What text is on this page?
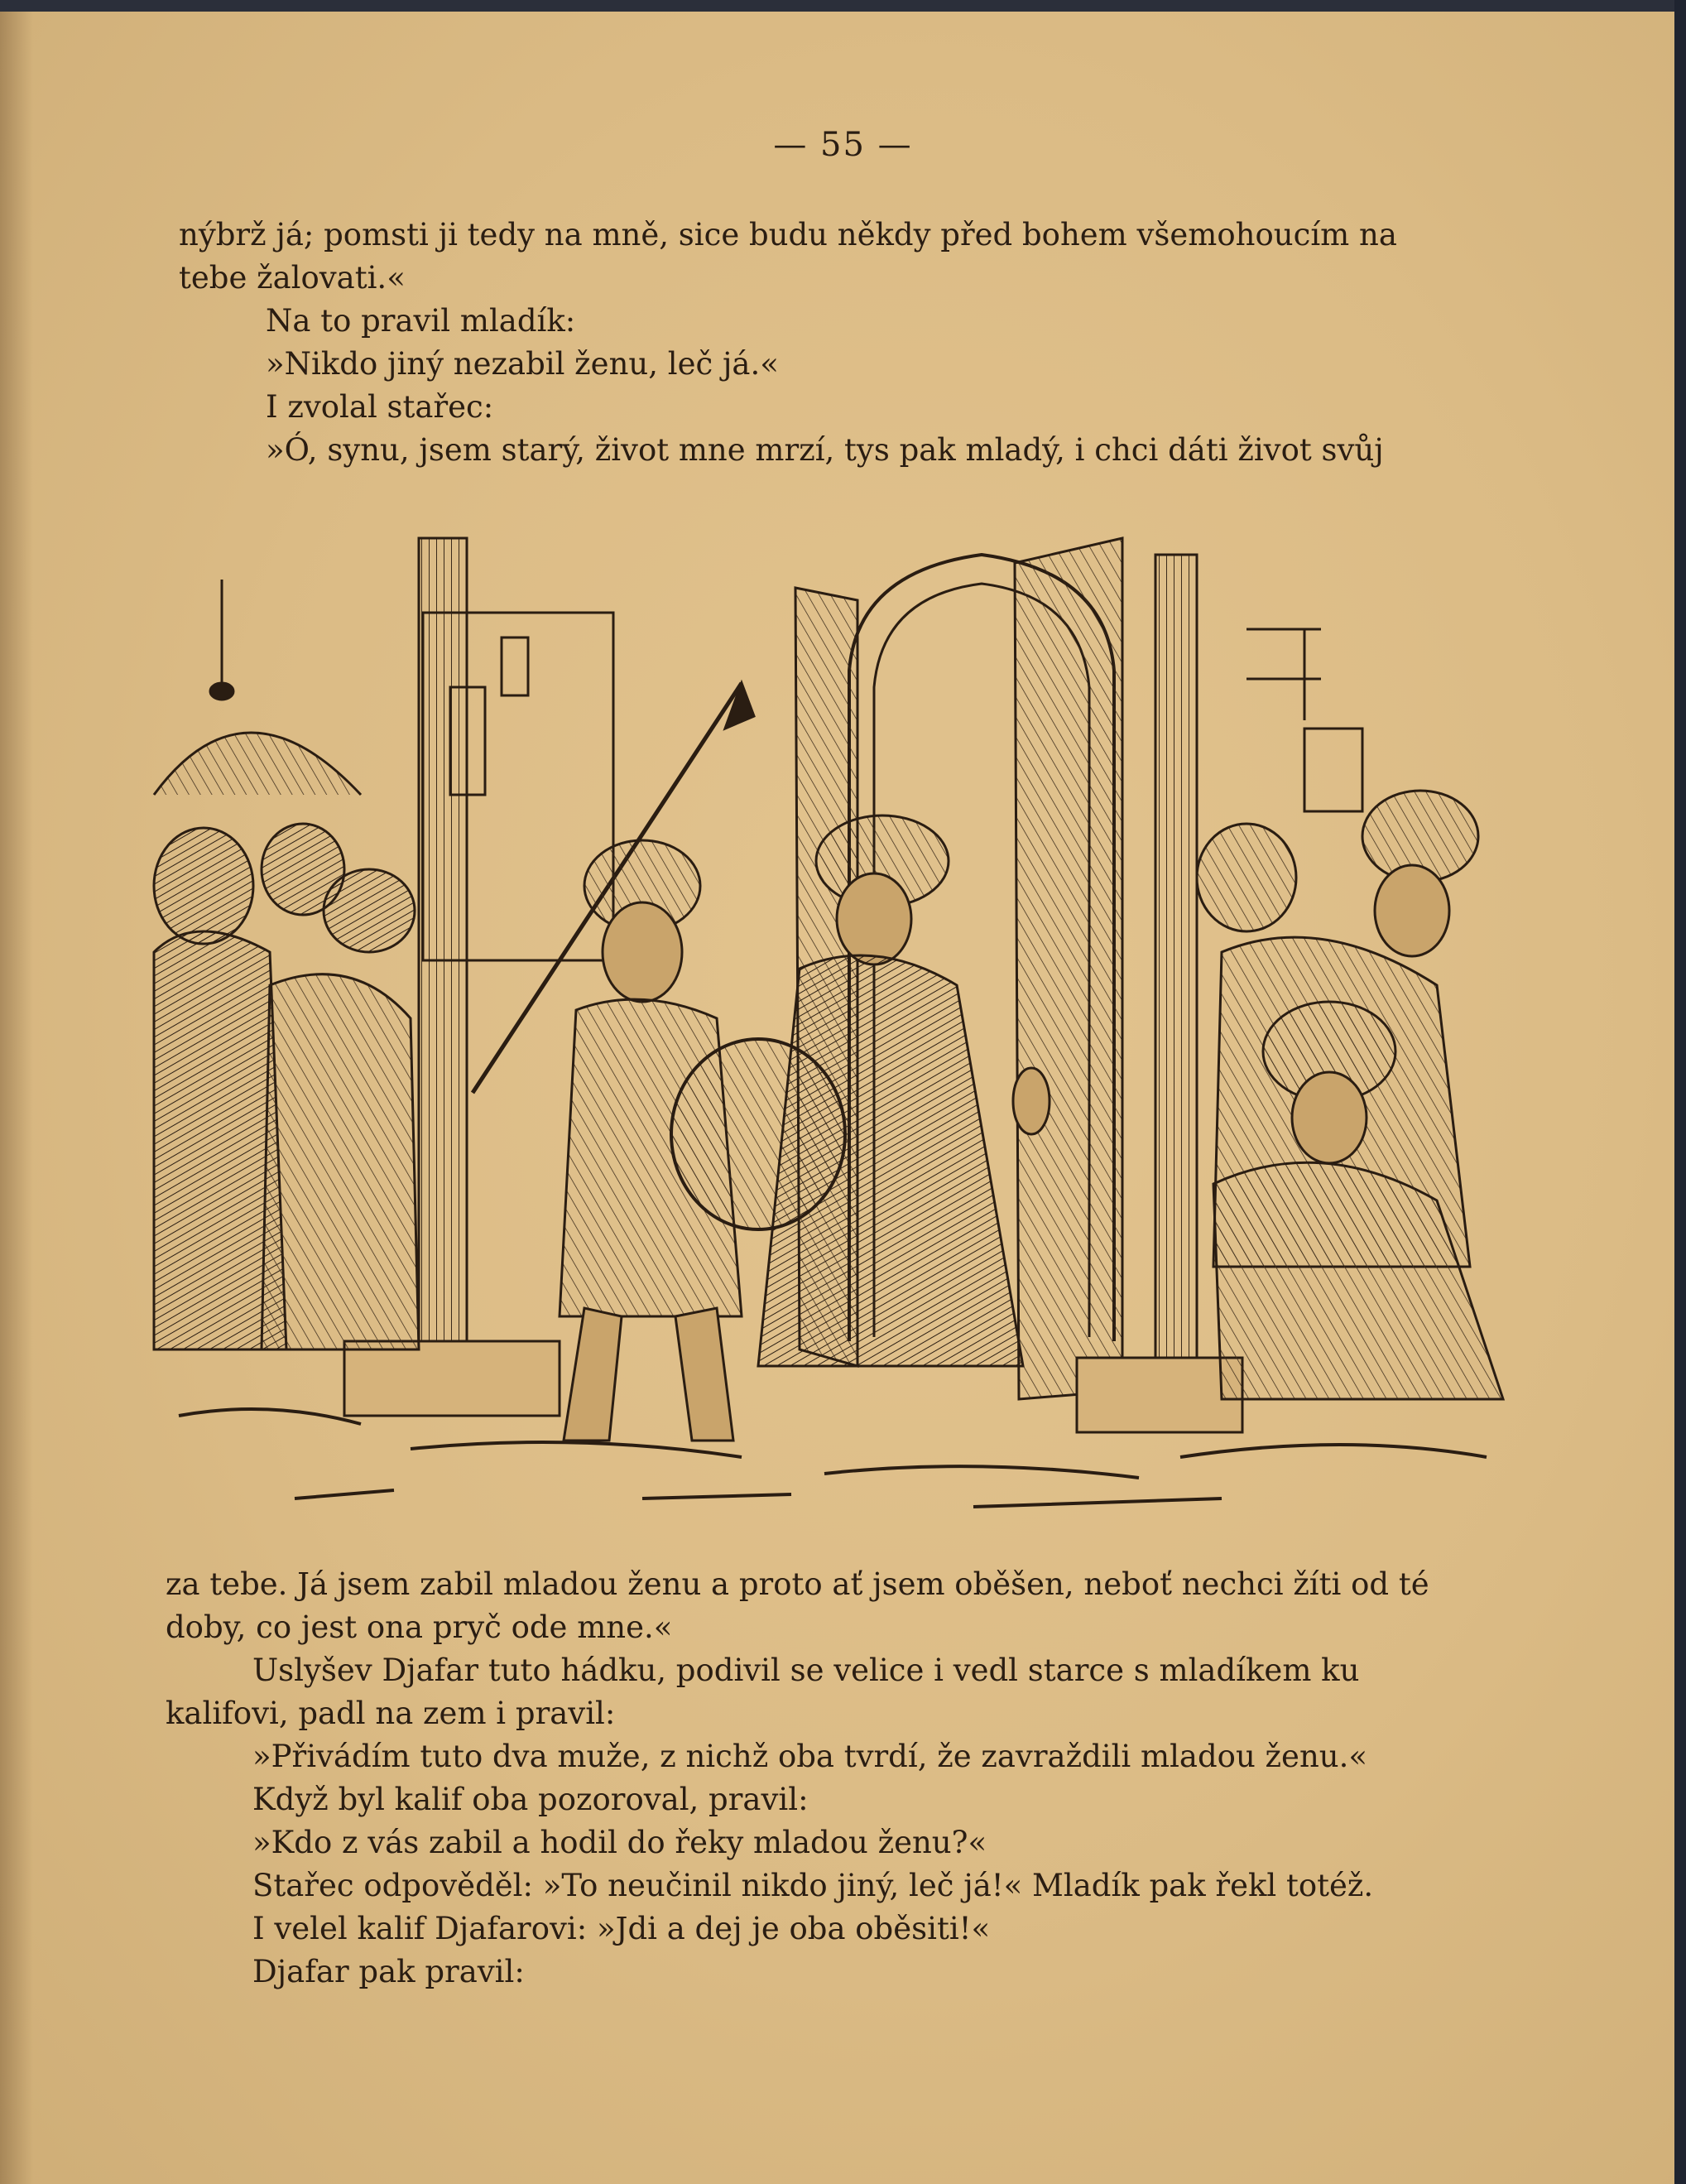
— 55 —

nýbrž já; pomsti ji tedy na mně, sice budu někdy před bohem všemohoucím na tebe žalovati.«

Na to pravil mladík:

»Nikdo jiný nezabil ženu, leč já.«

I zvolal stařec:

»Ó, synu, jsem starý, život mne mrzí, tys pak mladý, i chci dáti život svůj

za tebe. Já jsem zabil mladou ženu a proto ať jsem oběšen, neboť nechci žíti od té doby, co jest ona pryč ode mne.«

Uslyšev Djafar tuto hádku, podivil se velice i vedl starce s mladíkem ku kalifovi, padl na zem i pravil:

»Přivádím tuto dva muže, z nichž oba tvrdí, že zavraždili mladou ženu.«

Když byl kalif oba pozoroval, pravil:

»Kdo z vás zabil a hodil do řeky mladou ženu?«

Stařec odpověděl: »To neučinil nikdo jiný, leč já!« Mladík pak řekl totéž.

I velel kalif Djafarovi: »Jdi a dej je oba oběsiti!«

Djafar pak pravil:
